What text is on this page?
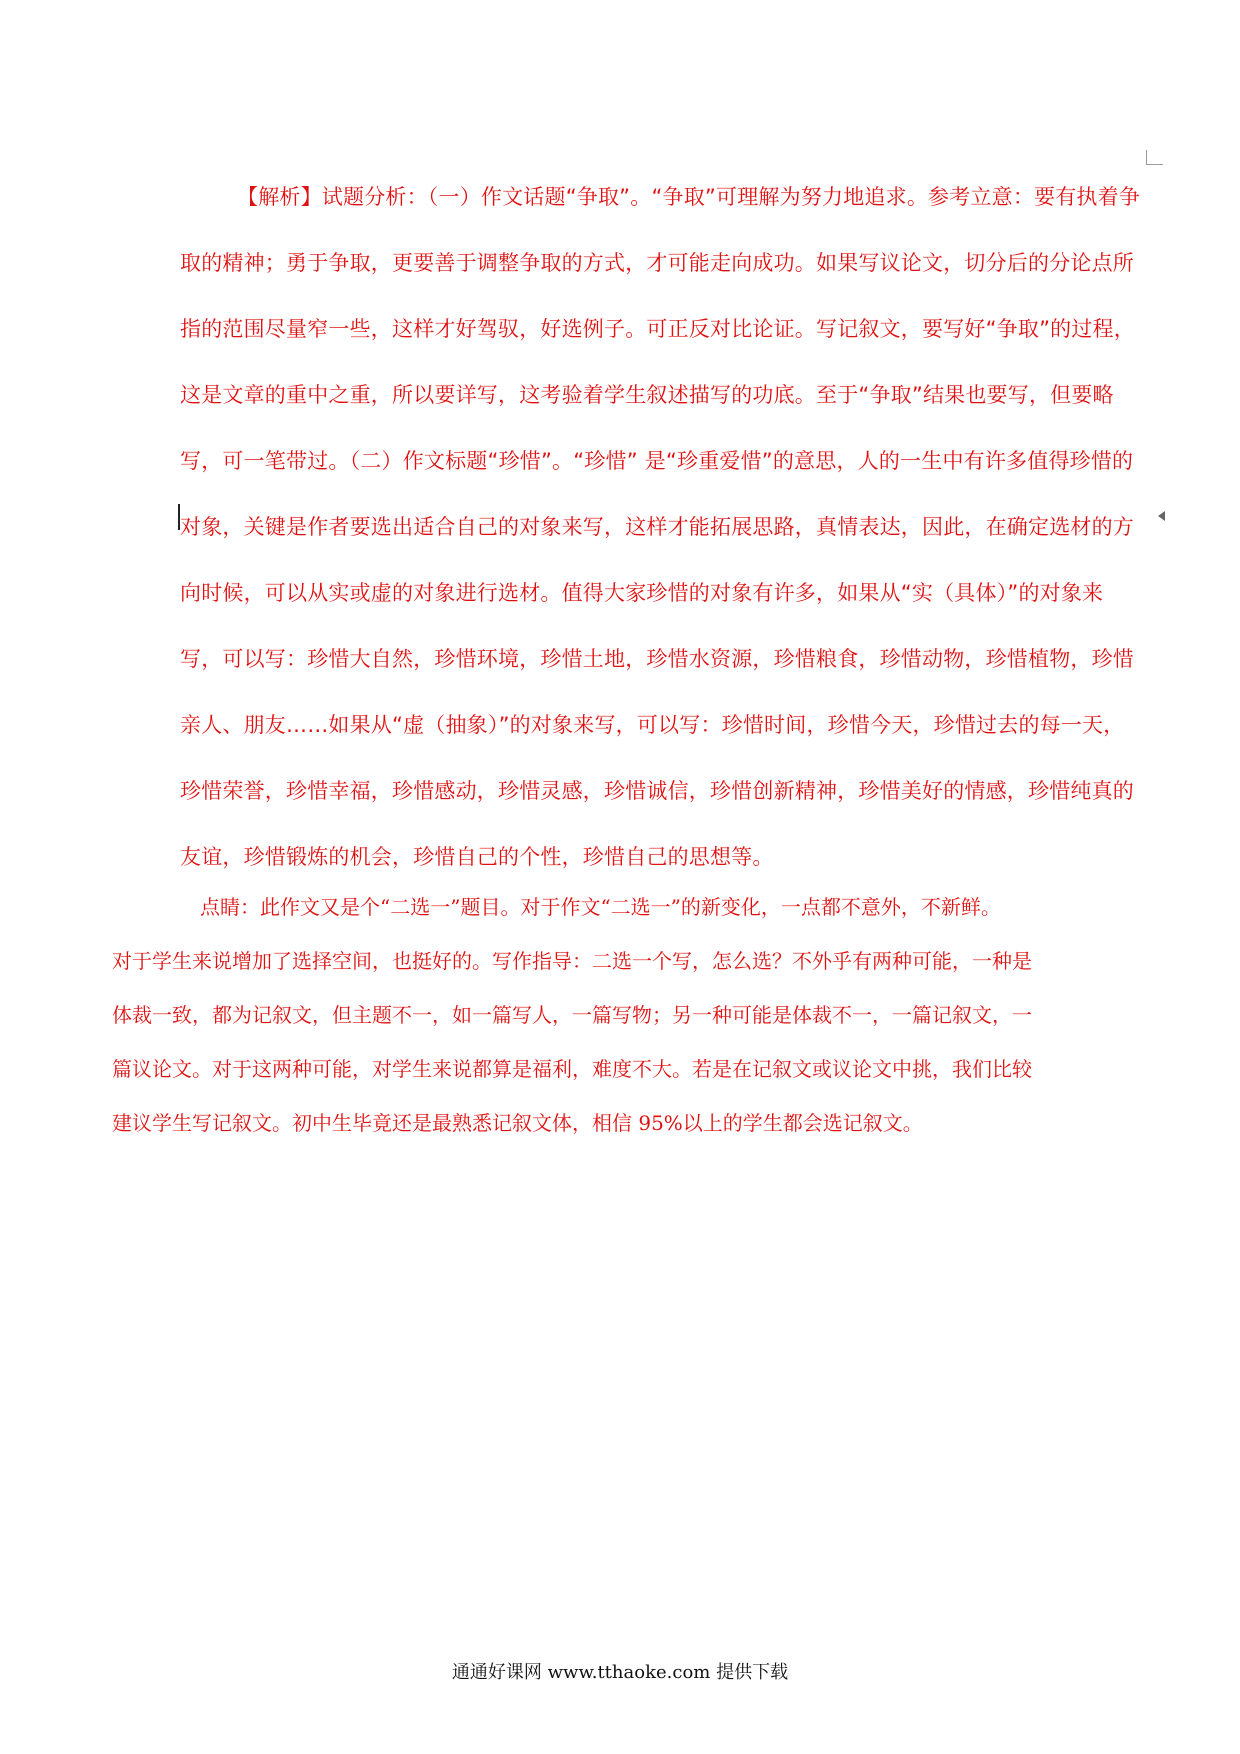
【解析】试题分析：（一）作文话题“争取”。“争取”可理解为努力地追求。参考立意：要有执着争
取的精神；勇于争取，更要善于调整争取的方式，才可能走向成功。如果写议论文，切分后的分论点所
指的范围尽量窄一些，这样才好驾驭，好选例子。可正反对比论证。写记叙文，要写好“争取”的过程，
这是文章的重中之重，所以要详写，这考验着学生叙述描写的功底。至于“争取”结果也要写，但要略
写，可一笔带过。（二）作文标题“珍惜”。“珍惜” 是“珍重爱惜”的意思，人的一生中有许多值得珍惜的
对象，关键是作者要选出适合自己的对象来写，这样才能拓展思路，真情表达，因此，在确定选材的方
向时候，可以从实或虚的对象进行选材。值得大家珍惜的对象有许多，如果从“实（具体）”的对象来
写，可以写：珍惜大自然，珍惜环境，珍惜土地，珍惜水资源，珍惜粮食，珍惜动物，珍惜植物，珍惜
亲人、朋友……如果从“虚（抽象）”的对象来写，可以写：珍惜时间，珍惜今天，珍惜过去的每一天，
珍惜荣誉，珍惜幸福，珍惜感动，珍惜灵感，珍惜诚信，珍惜创新精神，珍惜美好的情感，珍惜纯真的
友谊，珍惜锻炼的机会，珍惜自己的个性，珍惜自己的思想等。
点睛：此作文又是个“二选一”题目。对于作文“二选一”的新变化，一点都不意外，不新鲜。
对于学生来说增加了选择空间，也挺好的。写作指导：二选一个写，怎么选？不外乎有两种可能，一种是
体裁一致，都为记叙文，但主题不一，如一篇写人，一篇写物；另一种可能是体裁不一，一篇记叙文，一
篇议论文。对于这两种可能，对学生来说都算是福利，难度不大。若是在记叙文或议论文中挑，我们比较
建议学生写记叙文。初中生毕竟还是最熟悉记叙文体，相信 95%以上的学生都会选记叙文。
通通好课网 www.tthaoke.com 提供下载
